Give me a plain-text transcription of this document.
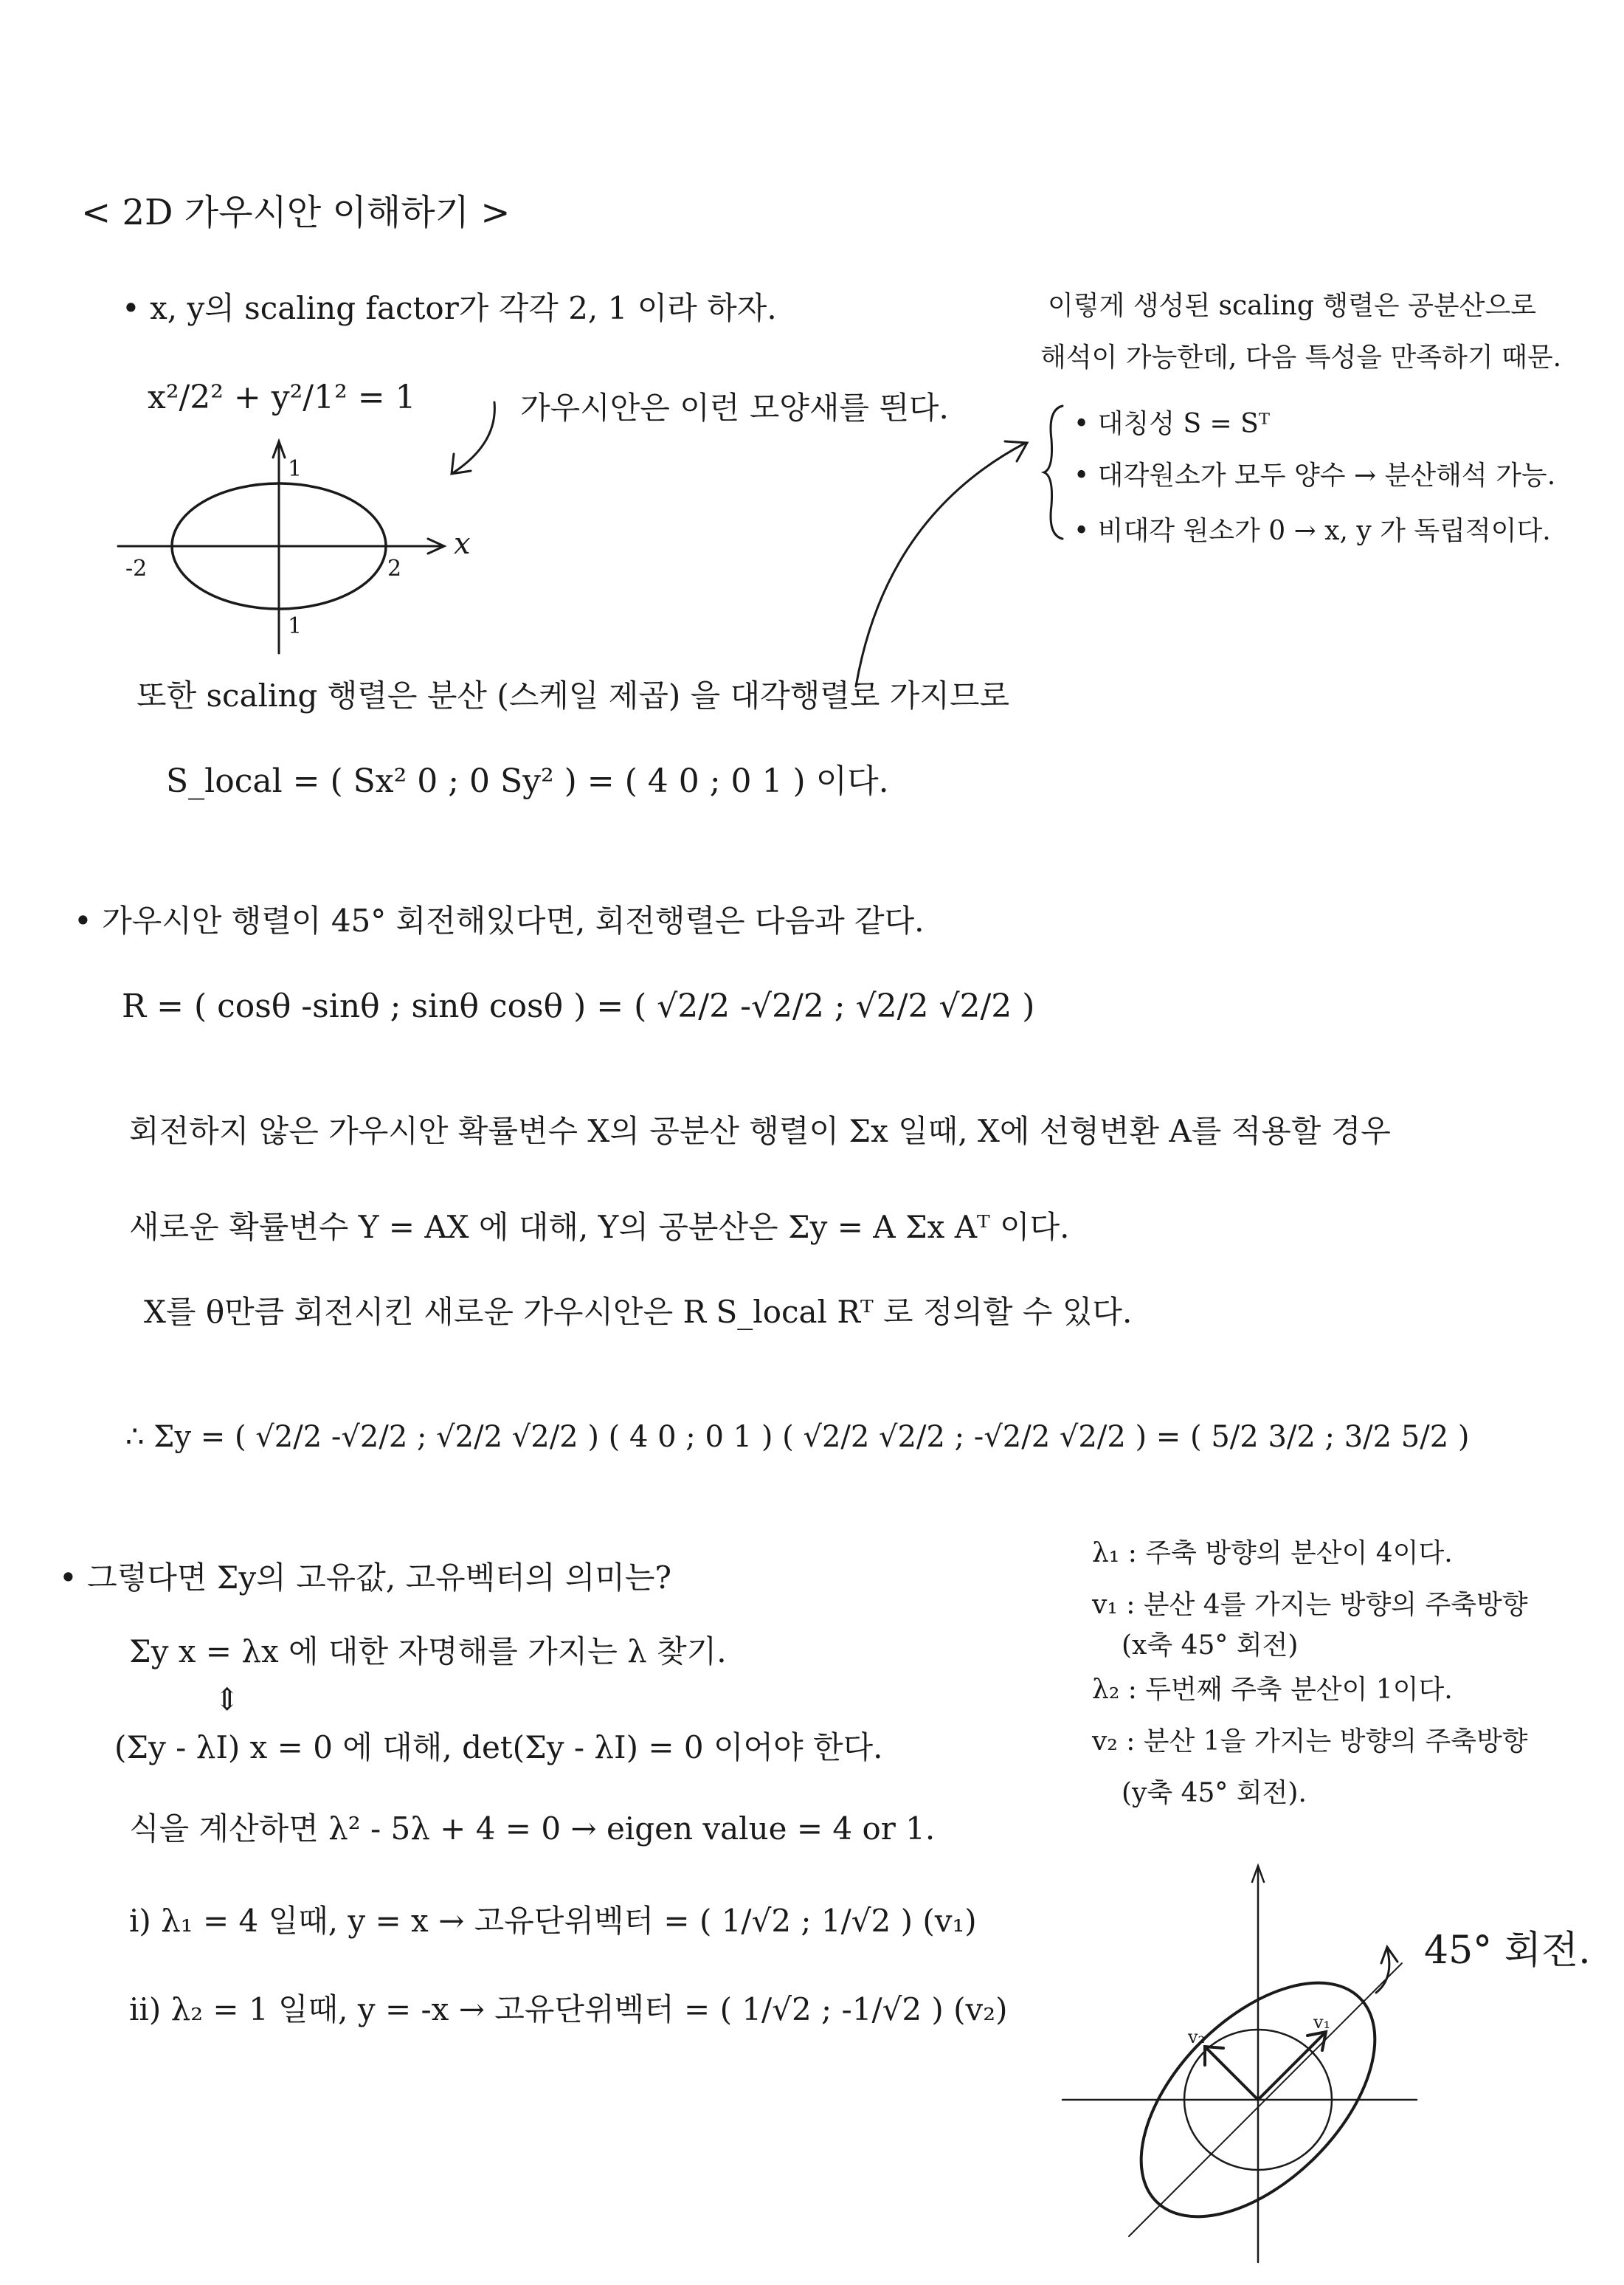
< 2D 가우시안 이해하기 >
• x, y의 scaling factor가 각각 2, 1 이라 하자.
x²/2² + y²/1² = 1	가우시안은 이런 모양새를 띈다.
x
1
1
-2	2
또한 scaling 행렬은 분산 (스케일 제곱) 을 대각행렬로 가지므로
S_local = ( Sx² 0 ; 0 Sy² ) = ( 4 0 ; 0 1 ) 이다.
이렇게 생성된 scaling 행렬은 공분산으로
해석이 가능한데, 다음 특성을 만족하기 때문.
• 대칭성 S = Sᵀ
• 대각원소가 모두 양수 → 분산해석 가능.
• 비대각 원소가 0 → x, y 가 독립적이다.
• 가우시안 행렬이 45° 회전해있다면, 회전행렬은 다음과 같다.
R = ( cosθ -sinθ ; sinθ cosθ ) = ( √2/2 -√2/2 ; √2/2 √2/2 )
회전하지 않은 가우시안 확률변수 X의 공분산 행렬이 Σx 일때, X에 선형변환 A를 적용할 경우
새로운 확률변수 Y = AX 에 대해, Y의 공분산은 Σy = A Σx Aᵀ 이다.
X를 θ만큼 회전시킨 새로운 가우시안은 R S_local Rᵀ 로 정의할 수 있다.
∴ Σy = ( √2/2 -√2/2 ; √2/2 √2/2 ) ( 4 0 ; 0 1 ) ( √2/2 √2/2 ; -√2/2 √2/2 ) = ( 5/2 3/2 ; 3/2 5/2 )
• 그렇다면 Σy의 고유값, 고유벡터의 의미는?
Σy x = λx 에 대한 자명해를 가지는 λ 찾기.
⇕
(Σy - λI) x = 0 에 대해, det(Σy - λI) = 0 이어야 한다.
식을 계산하면 λ² - 5λ + 4 = 0 → eigen value = 4 or 1.
i) λ₁ = 4 일때, y = x → 고유단위벡터 = ( 1/√2 ; 1/√2 ) (v₁)
ii) λ₂ = 1 일때, y = -x → 고유단위벡터 = ( 1/√2 ; -1/√2 ) (v₂)
λ₁ : 주축 방향의 분산이 4이다.
v₁ : 분산 4를 가지는 방향의 주축방향
(x축 45° 회전)
λ₂ : 두번째 주축 분산이 1이다.
v₂ : 분산 1을 가지는 방향의 주축방향
(y축 45° 회전).
v₁
v₂
45° 회전.
